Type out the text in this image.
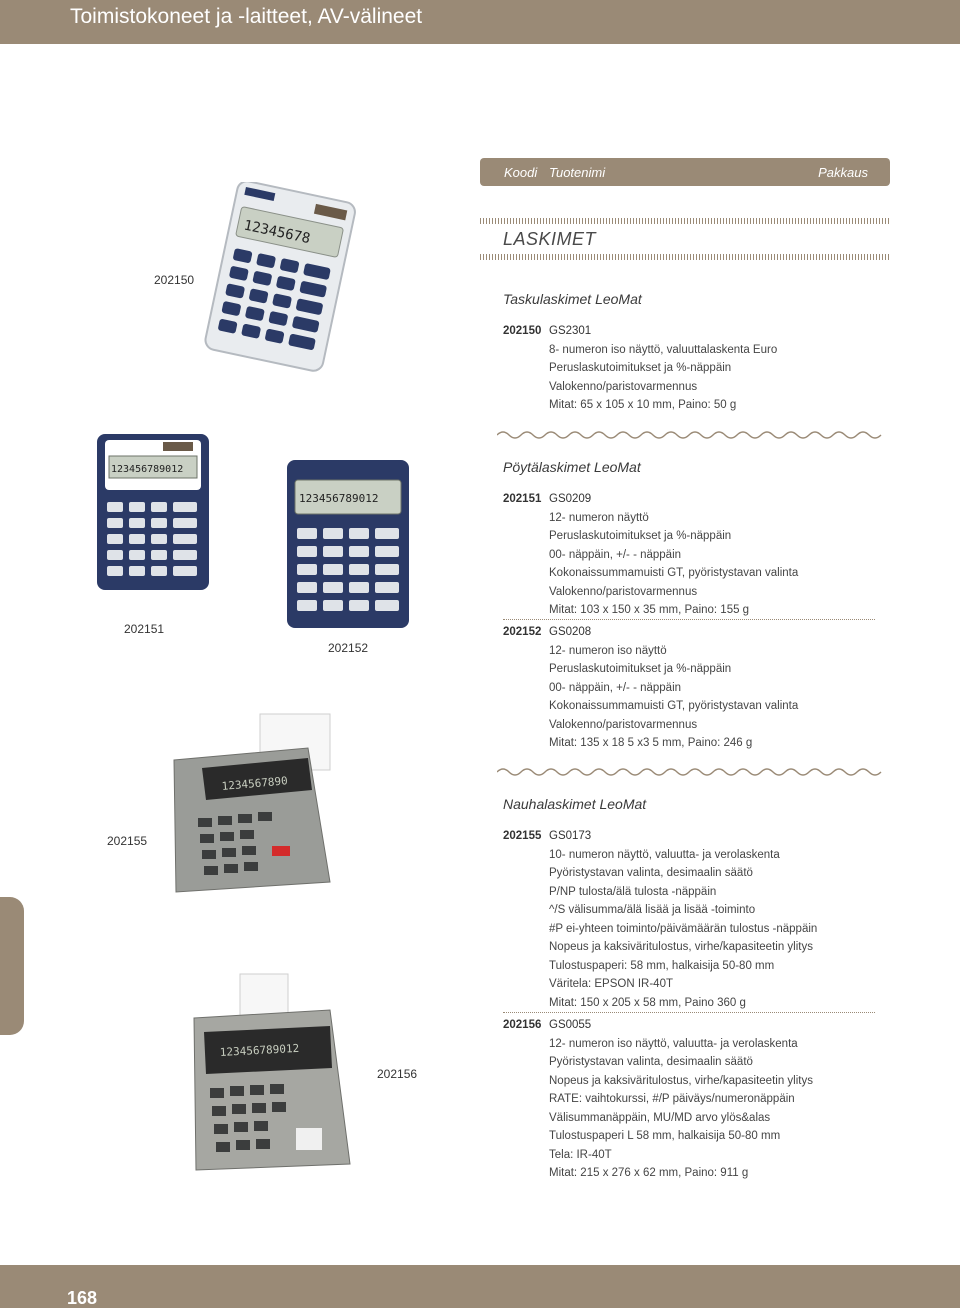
Toimistokoneet ja -laitteet, AV-välineet
Koodi Tuotenimi	Pakkaus
LASKIMET
Taskulaskimet LeoMat
202150 GS2301
8- numeron iso näyttö, valuuttalaskenta Euro
Peruslaskutoimitukset ja %-näppäin
Valokenno/paristovarmennus
Mitat: 65 x 105 x 10 mm, Paino: 50 g
Pöytälaskimet LeoMat
202151 GS0209
12- numeron näyttö
Peruslaskutoimitukset ja %-näppäin
00- näppäin, +/- - näppäin
Kokonaissummamuisti GT, pyöristystavan valinta
Valokenno/paristovarmennus
Mitat: 103 x 150 x 35 mm, Paino: 155 g
202152 GS0208
12- numeron iso näyttö
Peruslaskutoimitukset ja %-näppäin
00- näppäin, +/- - näppäin
Kokonaissummamuisti GT, pyöristystavan valinta
Valokenno/paristovarmennus
Mitat: 135 x 18 5 x3 5 mm, Paino: 246 g
Nauhalaskimet LeoMat
202155 GS0173
10- numeron näyttö, valuutta- ja verolaskenta
Pyöristystavan valinta, desimaalin säätö
P/NP tulosta/älä tulosta -näppäin
^/S välisumma/älä lisää ja lisää -toiminto
#P ei-yhteen toiminto/päivämäärän tulostus -näppäin
Nopeus ja kaksiväritulostus, virhe/kapasiteetin ylitys
Tulostuspaperi: 58 mm, halkaisija 50-80 mm
Väritela: EPSON IR-40T
Mitat: 150 x 205 x 58 mm, Paino 360 g
202156 GS0055
12- numeron iso näyttö, valuutta- ja verolaskenta
Pyöristystavan valinta, desimaalin säätö
Nopeus ja kaksiväritulostus, virhe/kapasiteetin ylitys
RATE: vaihtokurssi, #/P päiväys/numeronäppäin
Välisummanäppäin, MU/MD arvo ylös&alas
Tulostuspaperi L 58 mm, halkaisija 50-80 mm
Tela: IR-40T
Mitat: 215 x 276 x 62 mm, Paino: 911 g
202150
12345678
123456789012
202151
123456789012
202152
202155
1234567890
123456789012
202156
168
